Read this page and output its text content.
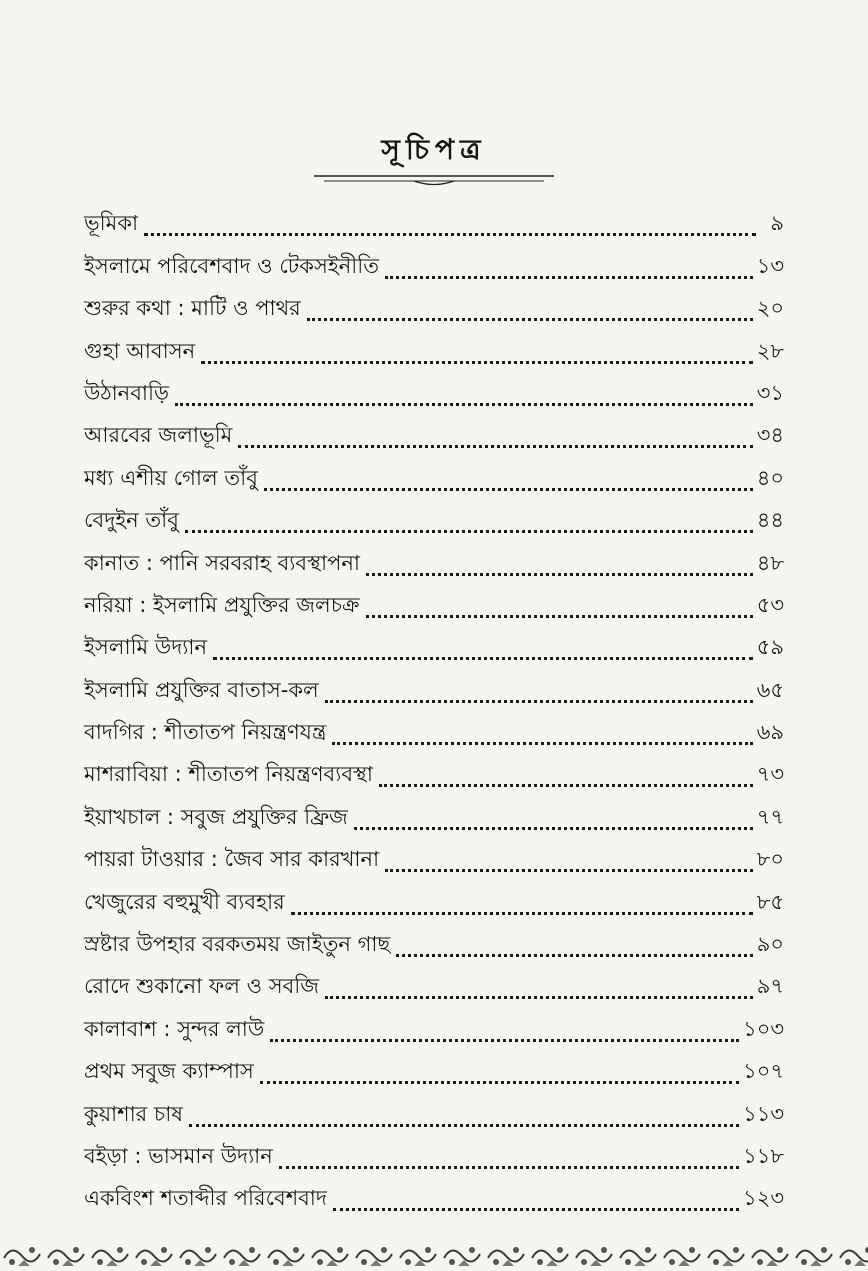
সূচিপত্র
ভূমিকা	৯
ইসলামে পরিবেশবাদ ও টেকসইনীতি	১৩
শুরুর কথা : মাটি ও পাথর	২০
গুহা আবাসন	২৮
উঠানবাড়ি	৩১
আরবের জলাভূমি	৩৪
মধ্য এশীয় গোল তাঁবু	৪০
বেদুইন তাঁবু	৪৪
কানাত : পানি সরবরাহ ব্যবস্থাপনা	৪৮
নরিয়া : ইসলামি প্রযুক্তির জলচক্র	৫৩
ইসলামি উদ্যান	৫৯
ইসলামি প্রযুক্তির বাতাস-কল	৬৫
বাদগির : শীতাতপ নিয়ন্ত্রণযন্ত্র	৬৯
মাশরাবিয়া : শীতাতপ নিয়ন্ত্রণব্যবস্থা	৭৩
ইয়াখচাল : সবুজ প্রযুক্তির ফ্রিজ	৭৭
পায়রা টাওয়ার : জৈব সার কারখানা	৮০
খেজুরের বহুমুখী ব্যবহার	৮৫
স্রষ্টার উপহার বরকতময় জাইতুন গাছ	৯০
রোদে শুকানো ফল ও সবজি	৯৭
কালাবাশ : সুন্দর লাউ	১০৩
প্রথম সবুজ ক্যাম্পাস	১০৭
কুয়াশার চাষ	১১৩
বইড়া : ভাসমান উদ্যান	১১৮
একবিংশ শতাব্দীর পরিবেশবাদ	১২৩
